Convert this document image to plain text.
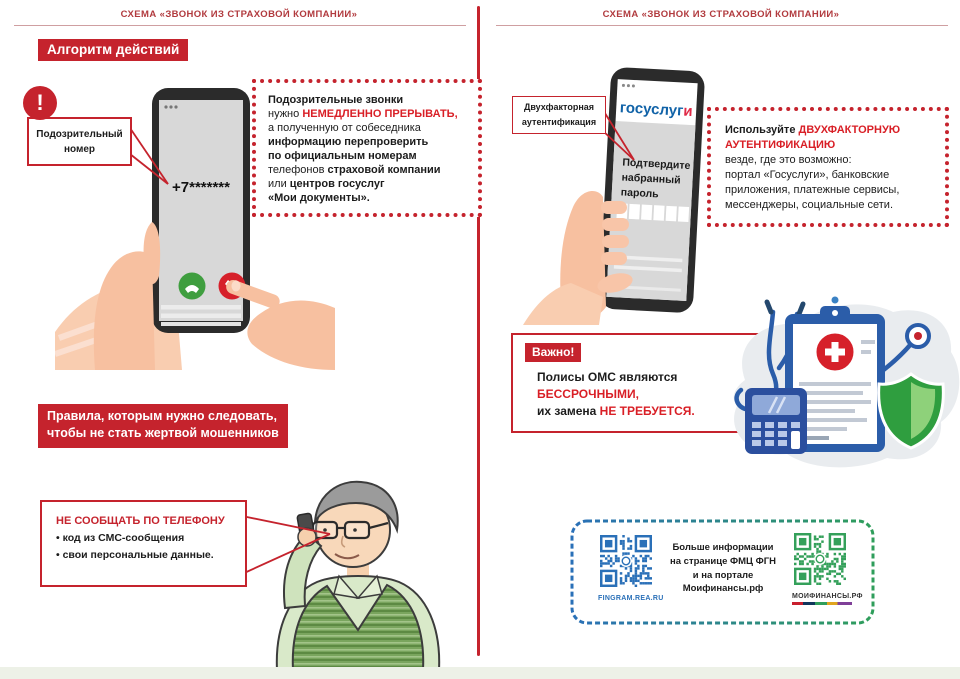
СХЕМА «ЗВОНОК ИЗ СТРАХОВОЙ КОМПАНИИ»	СХЕМА «ЗВОНОК ИЗ СТРАХОВОЙ КОМПАНИИ»
+7*******
госуслуги
Подтвердите
набранный
пароль
Важно!
Полисы ОМС являются
БЕССРОЧНЫМИ,
их замена НЕ ТРЕБУЕТСЯ.
Алгоритм действий
Подозрительный
номер
!	Подозрительные звонки
нужно НЕМЕДЛЕННО ПРЕРЫВАТЬ,
а полученную от собеседника
информацию перепроверить
по официальным номерам
телефонов страховой компании
или центров госуслуг
«Мои документы».
Правила, которым нужно следовать,
чтобы не стать жертвой мошенников
НЕ СООБЩАТЬ ПО ТЕЛЕФОНУ
• код из СМС-сообщения
• свои персональные данные.
Двухфакторная
аутентификация
Используйте ДВУХФАКТОРНУЮ
АУТЕНТИФИКАЦИЮ
везде, где это возможно:
портал «Госуслуги», банковские
приложения, платежные сервисы,
мессенджеры, социальные сети.
FINGRAM.REA.RU
Больше информации
на странице ФМЦ ФГН
и на портале
Моифинансы.рф
МОИФИНАНСЫ.РФ
